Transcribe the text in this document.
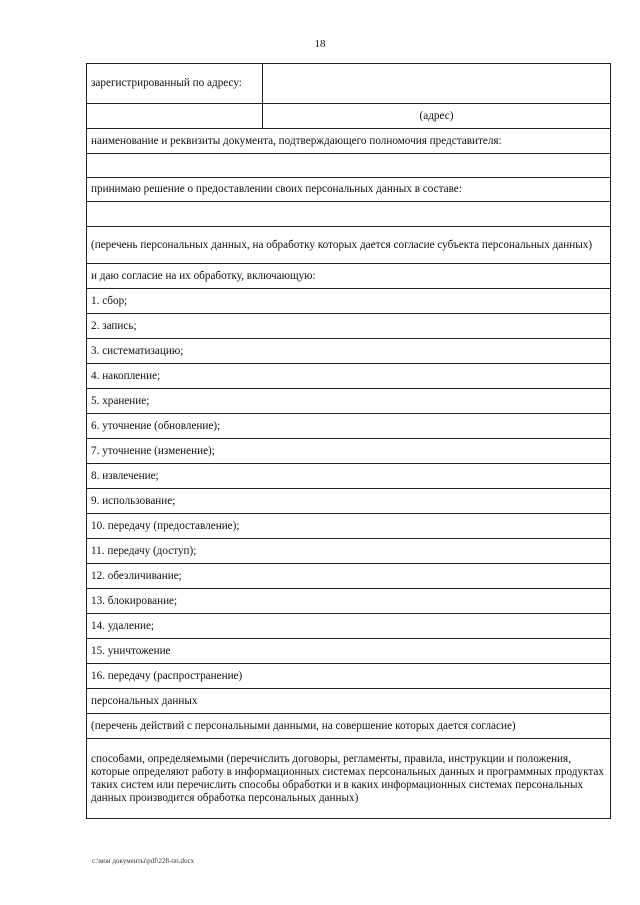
18
зарегистрированный по адресу:	
	(адрес)
наименование и реквизиты документа, подтверждающего полномочия представителя:	

принимаю решение о предоставлении своих персональных данных в составе:	

(перечень персональных данных, на обработку которых дается согласие субъекта персональных данных)	
и даю согласие на их обработку, включающую:	
1. сбор;	
2. запись;	
3. систематизацию;	
4. накопление;	
5. хранение;	
6. уточнение (обновление);	
7. уточнение (изменение);	
8. извлечение;	
9. использование;	
10. передачу (предоставление);	
11. передачу (доступ);	
12. обезличивание;	
13. блокирование;	
14. удаление;	
15. уничтожение	
16. передачу (распространение)	
персональных данных	
(перечень действий с персональными данными, на совершение которых дается согласие)	
способами, определяемыми (перечислить договоры, регламенты, правила, инструкции и положения, которые определяют работу в информационных системах персональных данных и программных продуктах таких систем или перечислить способы обработки и в каких информационных системах персональных данных производится обработка персональных данных)	
c:\мои документы\pdf\228-пп.docx
